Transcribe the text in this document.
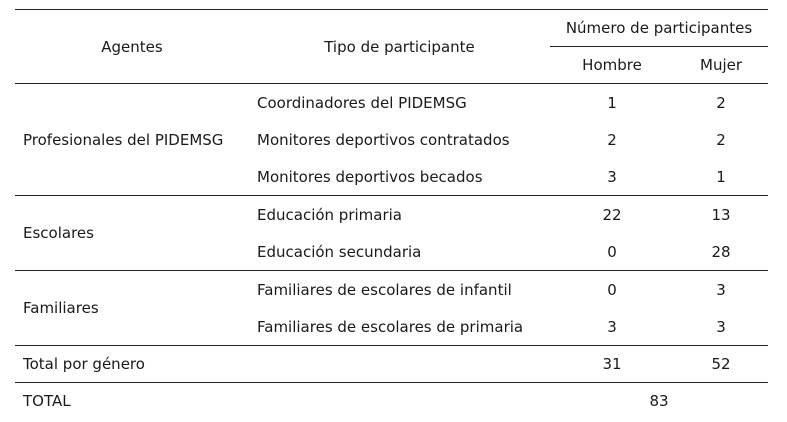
Agentes	Tipo de participante	Número de participantes	
		Hombre	Mujer
Profesionales del PIDEMSG	Coordinadores del PIDEMSG	1	2
	Monitores deportivos contratados	2	2
	Monitores deportivos becados	3	1
Escolares	Educación primaria	22	13
	Educación secundaria	0	28
Familiares	Familiares de escolares de infantil	0	3
	Familiares de escolares de primaria	3	3
Total por género		31	52
TOTAL		83	
